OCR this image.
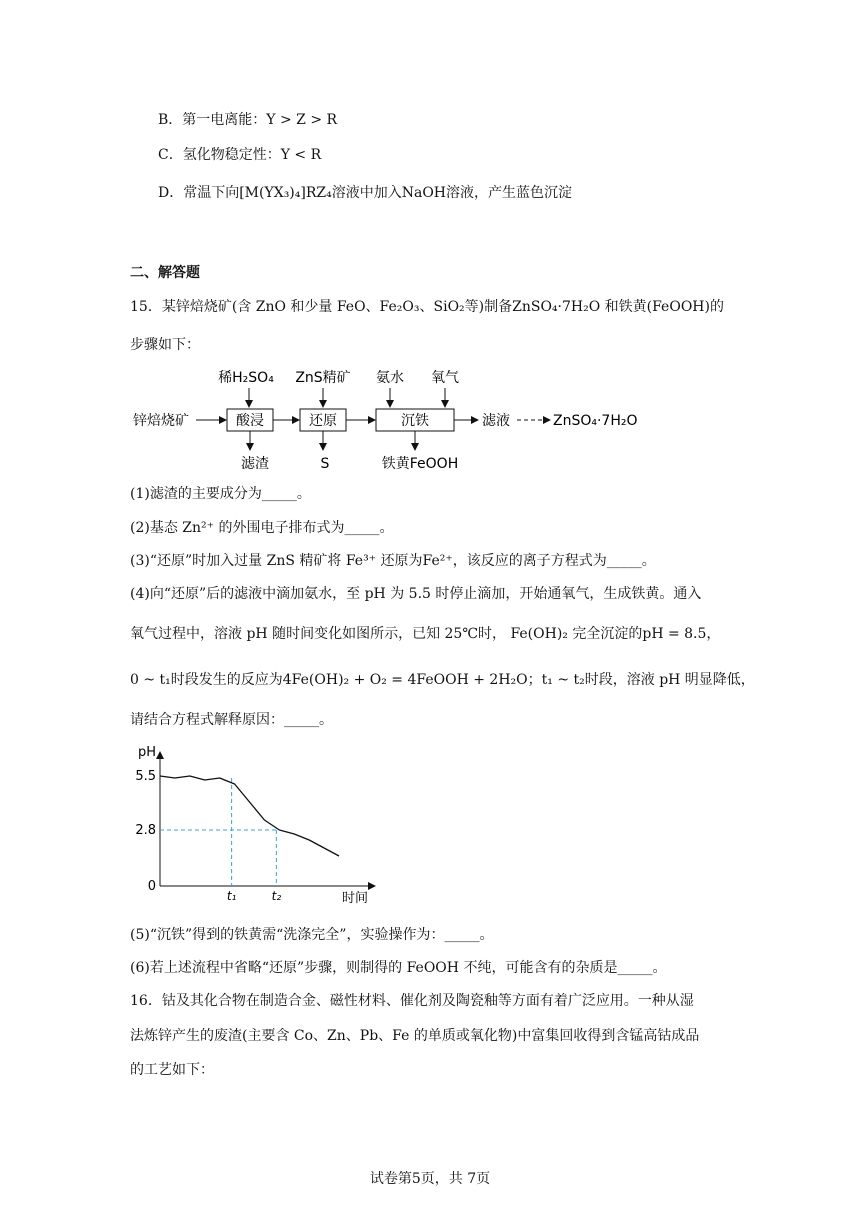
B．第一电离能：Y > Z > R
C．氢化物稳定性：Y < R
D．常温下向[M(YX₃)₄]RZ₄溶液中加入NaOH溶液，产生蓝色沉淀
二、解答题
15．某锌焙烧矿(含 ZnO 和少量 FeO、Fe₂O₃、SiO₂等)制备ZnSO₄·7H₂O 和铁黄(FeOOH)的
步骤如下：
稀H₂SO₄ ZnS精矿 氨水 氧气
锌焙烧矿	酸浸	还原	沉铁	滤液	ZnSO₄·7H₂O
滤渣	S	铁黄FeOOH
(1)滤渣的主要成分为_____。
(2)基态 Zn²⁺ 的外围电子排布式为_____。
(3)“还原”时加入过量 ZnS 精矿将 Fe³⁺ 还原为Fe²⁺，该反应的离子方程式为_____。
(4)向“还原”后的滤液中滴加氨水，至 pH 为 5.5 时停止滴加，开始通氧气，生成铁黄。通入
氧气过程中，溶液 pH 随时间变化如图所示，已知 25℃时， Fe(OH)₂ 完全沉淀的pH = 8.5，
0 ~ t₁时段发生的反应为4Fe(OH)₂ + O₂ = 4FeOOH + 2H₂O；t₁ ~ t₂时段，溶液 pH 明显降低，
请结合方程式解释原因：_____。
pH
时间
5.5
2.8
0
t₁	t₂
(5)“沉铁”得到的铁黄需“洗涤完全”，实验操作为：_____。
(6)若上述流程中省略“还原”步骤，则制得的 FeOOH 不纯，可能含有的杂质是_____。
16．钴及其化合物在制造合金、磁性材料、催化剂及陶瓷釉等方面有着广泛应用。一种从湿
法炼锌产生的废渣(主要含 Co、Zn、Pb、Fe 的单质或氧化物)中富集回收得到含锰高钴成品
的工艺如下：
试卷第5页，共 7页
